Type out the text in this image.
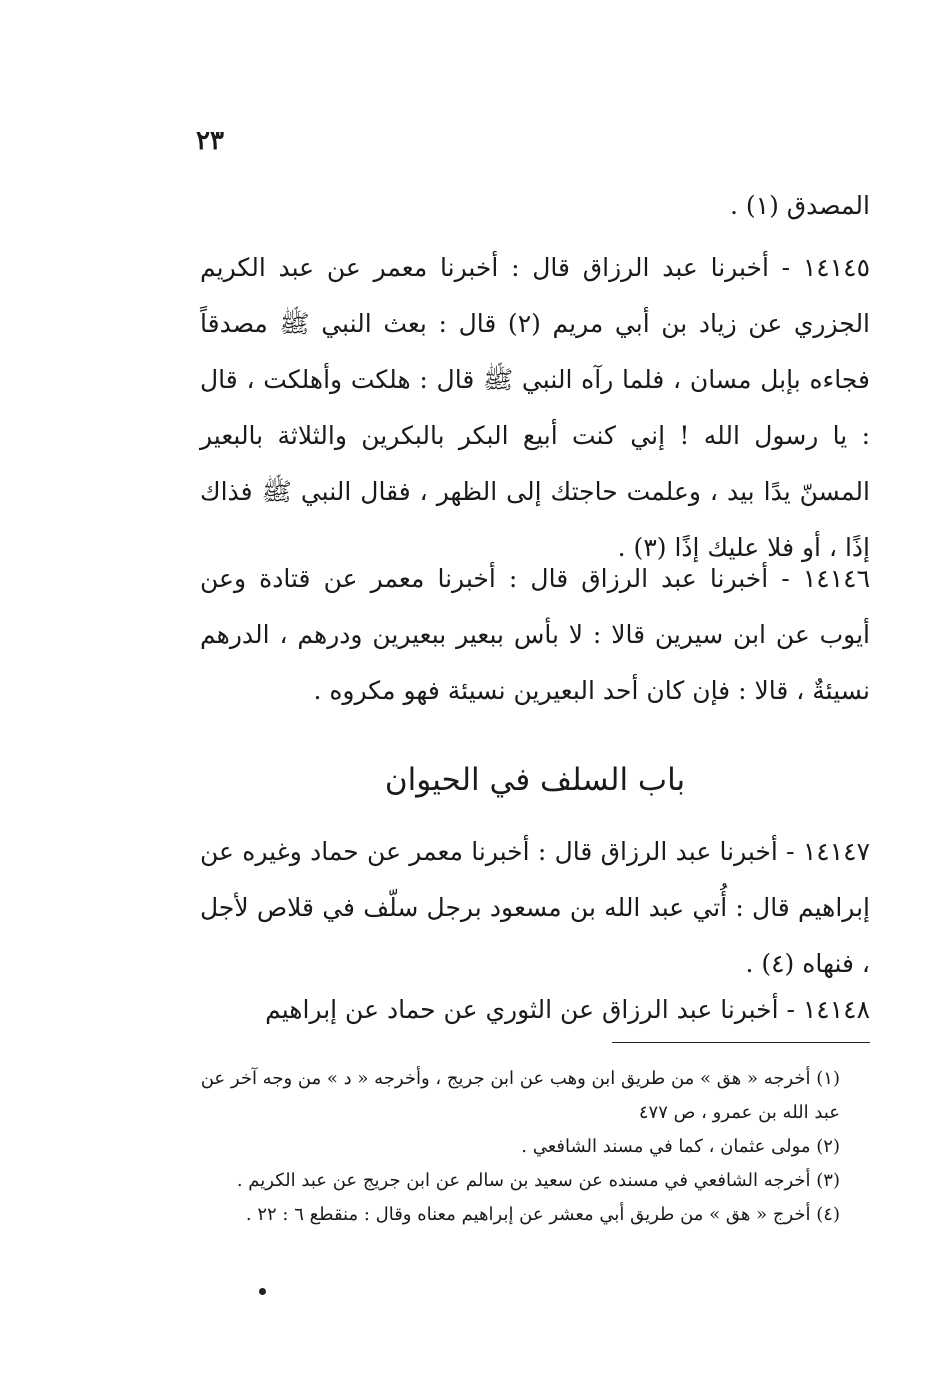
٢٣

المصدق (١) .

١٤١٤٥ - أخبرنا عبد الرزاق قال : أخبرنا معمر عن عبد الكريم الجزري عن زياد بن أبي مريم (٢) قال : بعث النبي ﷺ مصدقاً فجاءه بإبل مسان ، فلما رآه النبي ﷺ قال : هلكت وأهلكت ، قال : يا رسول الله ! إني كنت أبيع البكر بالبكرين والثلاثة بالبعير المسنّ يدًا بيد ، وعلمت حاجتك إلى الظهر ، فقال النبي ﷺ فذاك إذًا ، أو فلا عليك إذًا (٣) .

١٤١٤٦ - أخبرنا عبد الرزاق قال : أخبرنا معمر عن قتادة وعن أيوب عن ابن سيرين قالا : لا بأس ببعير ببعيرين ودرهم ، الدرهم نسيئةٌ ، قالا : فإن كان أحد البعيرين نسيئة فهو مكروه .

باب السلف في الحيوان

١٤١٤٧ - أخبرنا عبد الرزاق قال : أخبرنا معمر عن حماد وغيره عن إبراهيم قال : أُتي عبد الله بن مسعود برجل سلّف في قلاص لأجل ، فنهاه (٤) .

١٤١٤٨ - أخبرنا عبد الرزاق عن الثوري عن حماد عن إبراهيم

(١) أخرجه « هق » من طريق ابن وهب عن ابن جريج ، وأخرجه « د » من وجه آخر عن عبد الله بن عمرو ، ص ٤٧٧

(٢) مولى عثمان ، كما في مسند الشافعي .

(٣) أخرجه الشافعي في مسنده عن سعيد بن سالم عن ابن جريج عن عبد الكريم .

(٤) أخرج « هق » من طريق أبي معشر عن إبراهيم معناه وقال : منقطع ٦ : ٢٢ .
